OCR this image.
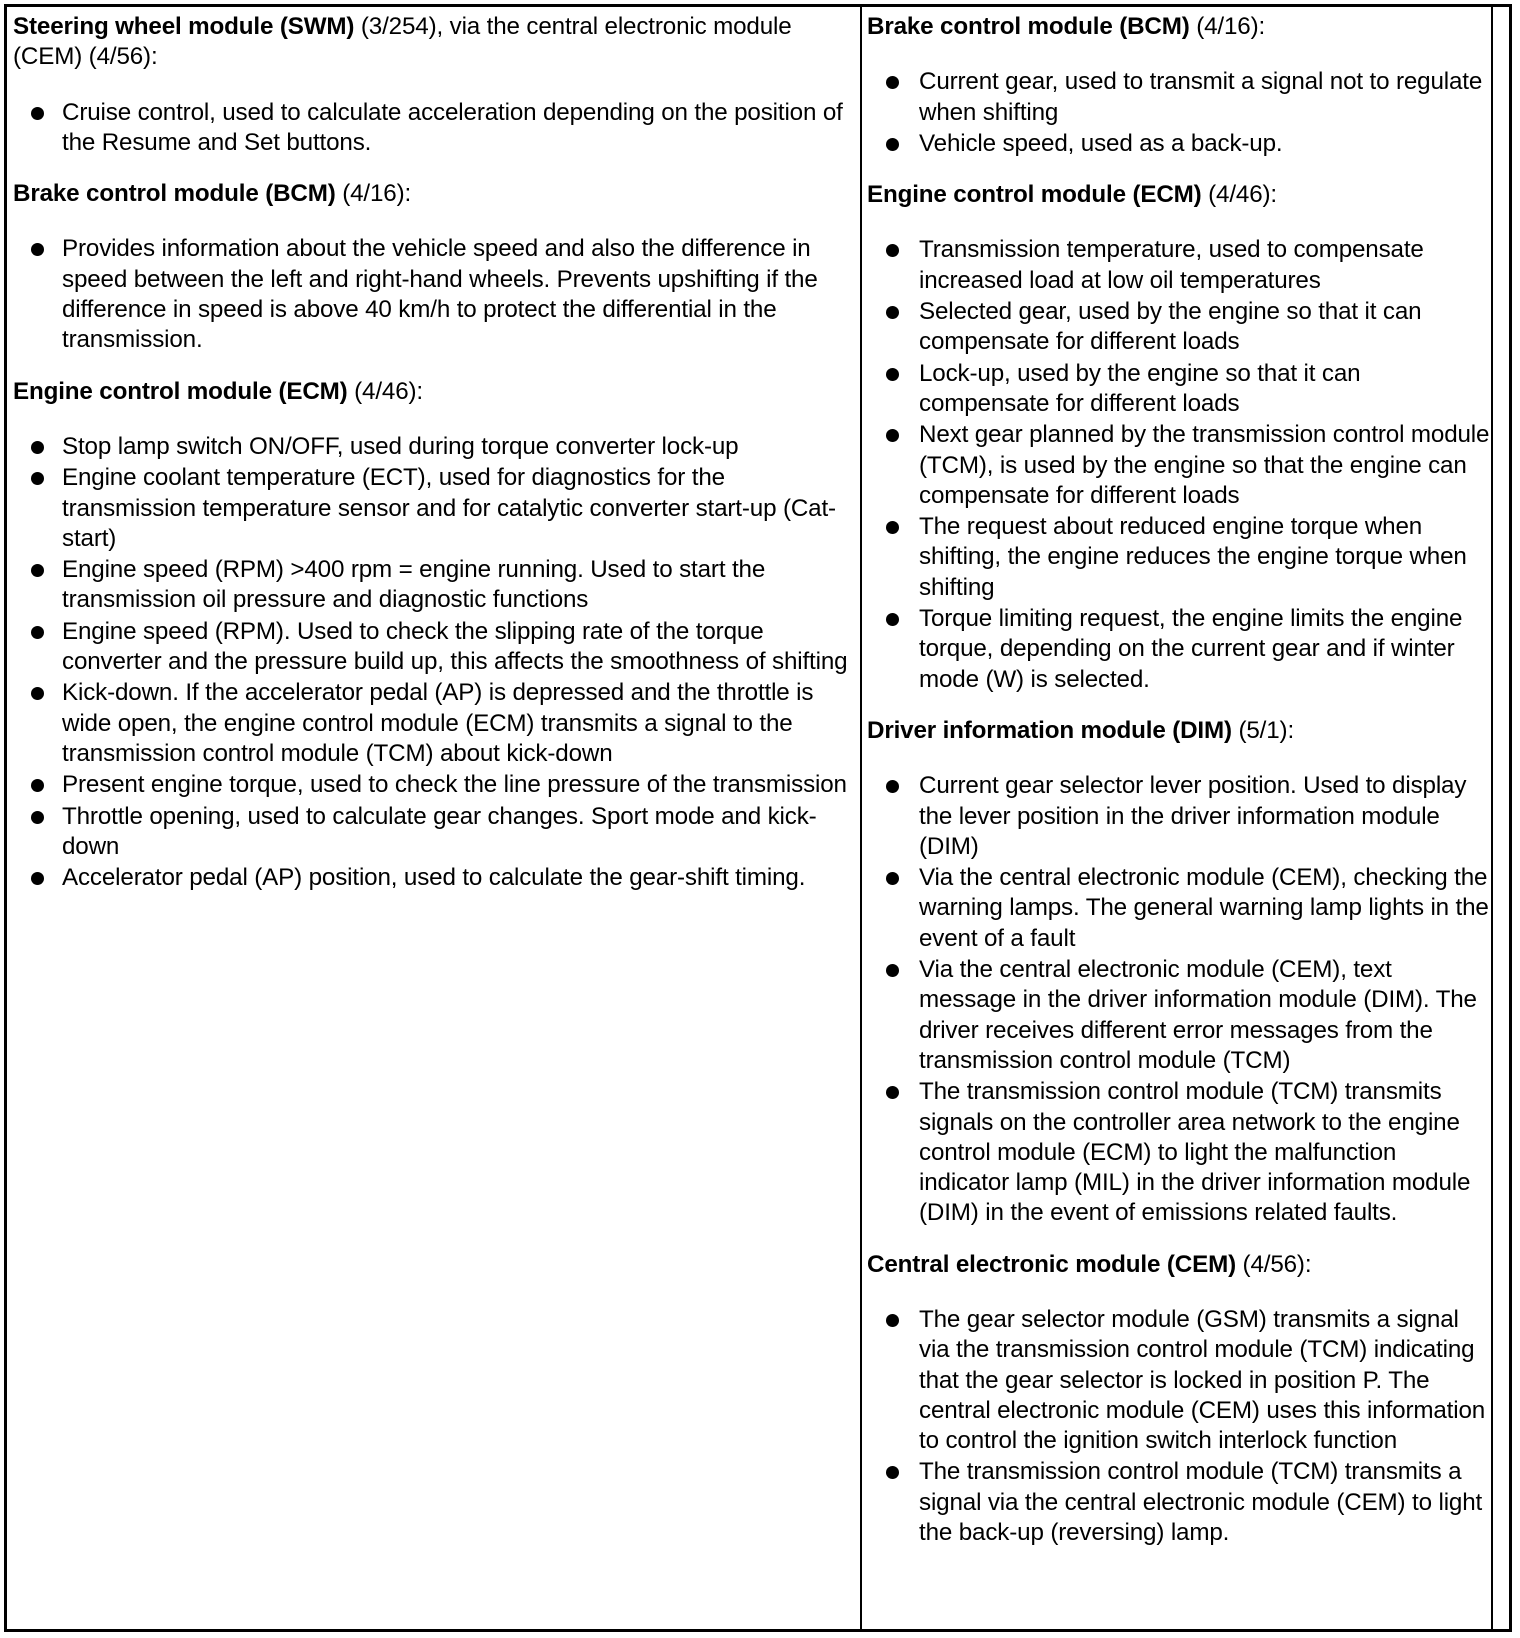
Steering wheel module (SWM) (3/254), via the central electronic module (CEM) (4/56):
Cruise control, used to calculate acceleration depending on the position of the Resume and Set buttons.
Brake control module (BCM) (4/16):
Provides information about the vehicle speed and also the difference in speed between the left and right-hand wheels. Prevents upshifting if the difference in speed is above 40 km/h to protect the differential in the transmission.
Engine control module (ECM) (4/46):
Stop lamp switch ON/OFF, used during torque converter lock-up
Engine coolant temperature (ECT), used for diagnostics for the transmission temperature sensor and for catalytic converter start-up (Cat-start)
Engine speed (RPM) >400 rpm = engine running. Used to start the transmission oil pressure and diagnostic functions
Engine speed (RPM). Used to check the slipping rate of the torque converter and the pressure build up, this affects the smoothness of shifting
Kick-down. If the accelerator pedal (AP) is depressed and the throttle is wide open, the engine control module (ECM) transmits a signal to the transmission control module (TCM) about kick-down
Present engine torque, used to check the line pressure of the transmission
Throttle opening, used to calculate gear changes. Sport mode and kick-down
Accelerator pedal (AP) position, used to calculate the gear-shift timing.
Brake control module (BCM) (4/16):
Current gear, used to transmit a signal not to regulate when shifting
Vehicle speed, used as a back-up.
Engine control module (ECM) (4/46):
Transmission temperature, used to compensate increased load at low oil temperatures
Selected gear, used by the engine so that it can compensate for different loads
Lock-up, used by the engine so that it can compensate for different loads
Next gear planned by the transmission control module (TCM), is used by the engine so that the engine can compensate for different loads
The request about reduced engine torque when shifting, the engine reduces the engine torque when shifting
Torque limiting request, the engine limits the engine torque, depending on the current gear and if winter mode (W) is selected.
Driver information module (DIM) (5/1):
Current gear selector lever position. Used to display the lever position in the driver information module (DIM)
Via the central electronic module (CEM), checking the warning lamps. The general warning lamp lights in the event of a fault
Via the central electronic module (CEM), text message in the driver information module (DIM). The driver receives different error messages from the transmission control module (TCM)
The transmission control module (TCM) transmits signals on the controller area network to the engine control module (ECM) to light the malfunction indicator lamp (MIL) in the driver information module (DIM) in the event of emissions related faults.
Central electronic module (CEM) (4/56):
The gear selector module (GSM) transmits a signal via the transmission control module (TCM) indicating that the gear selector is locked in position P. The central electronic module (CEM) uses this information to control the ignition switch interlock function
The transmission control module (TCM) transmits a signal via the central electronic module (CEM) to light the back-up (reversing) lamp.
